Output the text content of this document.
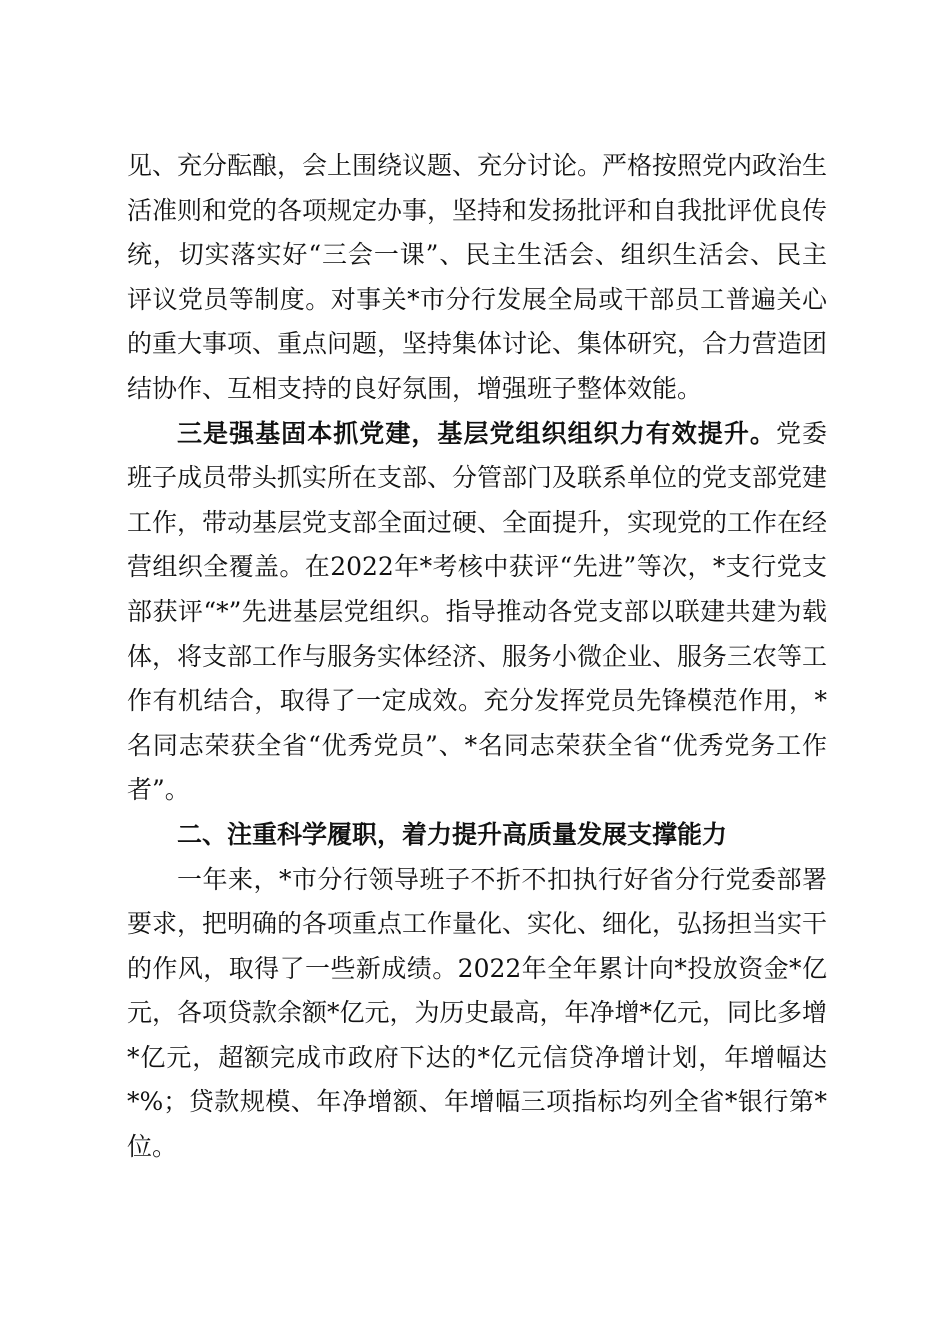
见、充分酝酿，会上围绕议题、充分讨论。严格按照党内政治生活准则和党的各项规定办事，坚持和发扬批评和自我批评优良传统，切实落实好“三会一课”、民主生活会、组织生活会、民主评议党员等制度。对事关*市分行发展全局或干部员工普遍关心的重大事项、重点问题，坚持集体讨论、集体研究，合力营造团结协作、互相支持的良好氛围，增强班子整体效能。

三是强基固本抓党建，基层党组织组织力有效提升。党委班子成员带头抓实所在支部、分管部门及联系单位的党支部党建工作，带动基层党支部全面过硬、全面提升，实现党的工作在经营组织全覆盖。在2022年*考核中获评“先进”等次，*支行党支部获评“*”先进基层党组织。指导推动各党支部以联建共建为载体，将支部工作与服务实体经济、服务小微企业、服务三农等工作有机结合，取得了一定成效。充分发挥党员先锋模范作用，*名同志荣获全省“优秀党员”、*名同志荣获全省“优秀党务工作者”。

二、注重科学履职，着力提升高质量发展支撑能力

一年来，*市分行领导班子不折不扣执行好省分行党委部署要求，把明确的各项重点工作量化、实化、细化，弘扬担当实干的作风，取得了一些新成绩。2022年全年累计向*投放资金*亿元，各项贷款余额*亿元，为历史最高，年净增*亿元，同比多增*亿元，超额完成市政府下达的*亿元信贷净增计划，年增幅达*%；贷款规模、年净增额、年增幅三项指标均列全省*银行第*位。
